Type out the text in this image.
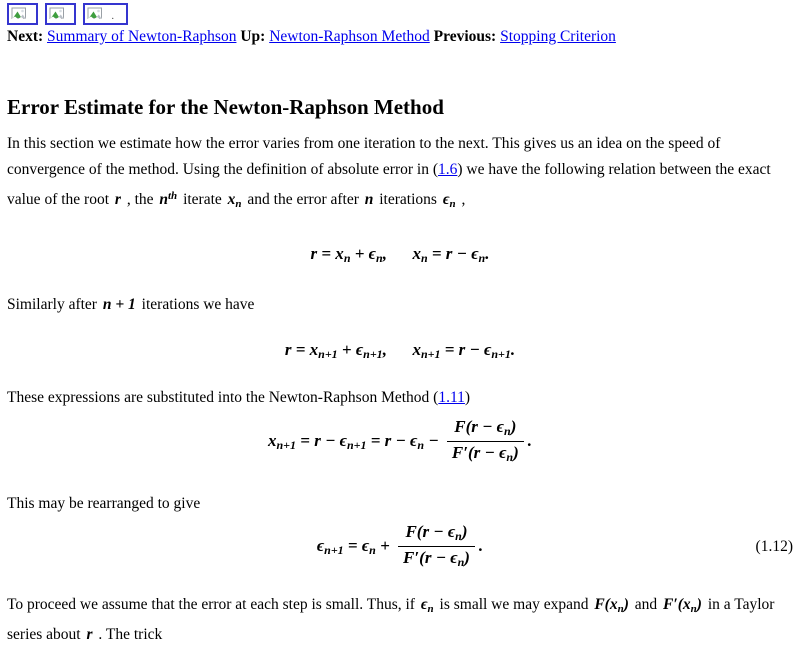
.

Next: Summary of Newton-Raphson Up: Newton-Raphson Method Previous: Stopping Criterion

Error Estimate for the Newton-Raphson Method

In this section we estimate how the error varies from one iteration to the next. This gives us an idea on the speed of convergence of the method. Using the definition of absolute error in (1.6) we have the following relation between the exact value of the root r , the $n^{th}$ iterate $x_n$ and the error after n iterations $\epsilon_n$ ,

$r = x_n + \epsilon_n$,  $x_n = r - \epsilon_n$.

Similarly after n + 1 iterations we have

$r = x_{n+1} + \epsilon_{n+1}$,  $x_{n+1} = r - \epsilon_{n+1}$.

These expressions are substituted into the Newton-Raphson Method (1.11)

$x_{n+1} = r - \epsilon_{n+1} = r - \epsilon_n - \frac{F(r - \epsilon_n)}{F'(r - \epsilon_n)}$ .

This may be rearranged to give

$\epsilon_{n+1} = \epsilon_n + \frac{F(r - \epsilon_n)}{F'(r - \epsilon_n)}$ .	(1.12)

To proceed we assume that the error at each step is small. Thus, if $\epsilon_n$ is small we may expand $F(x_n)$ and $F'(x_n)$ in a Taylor series about r . The trick
